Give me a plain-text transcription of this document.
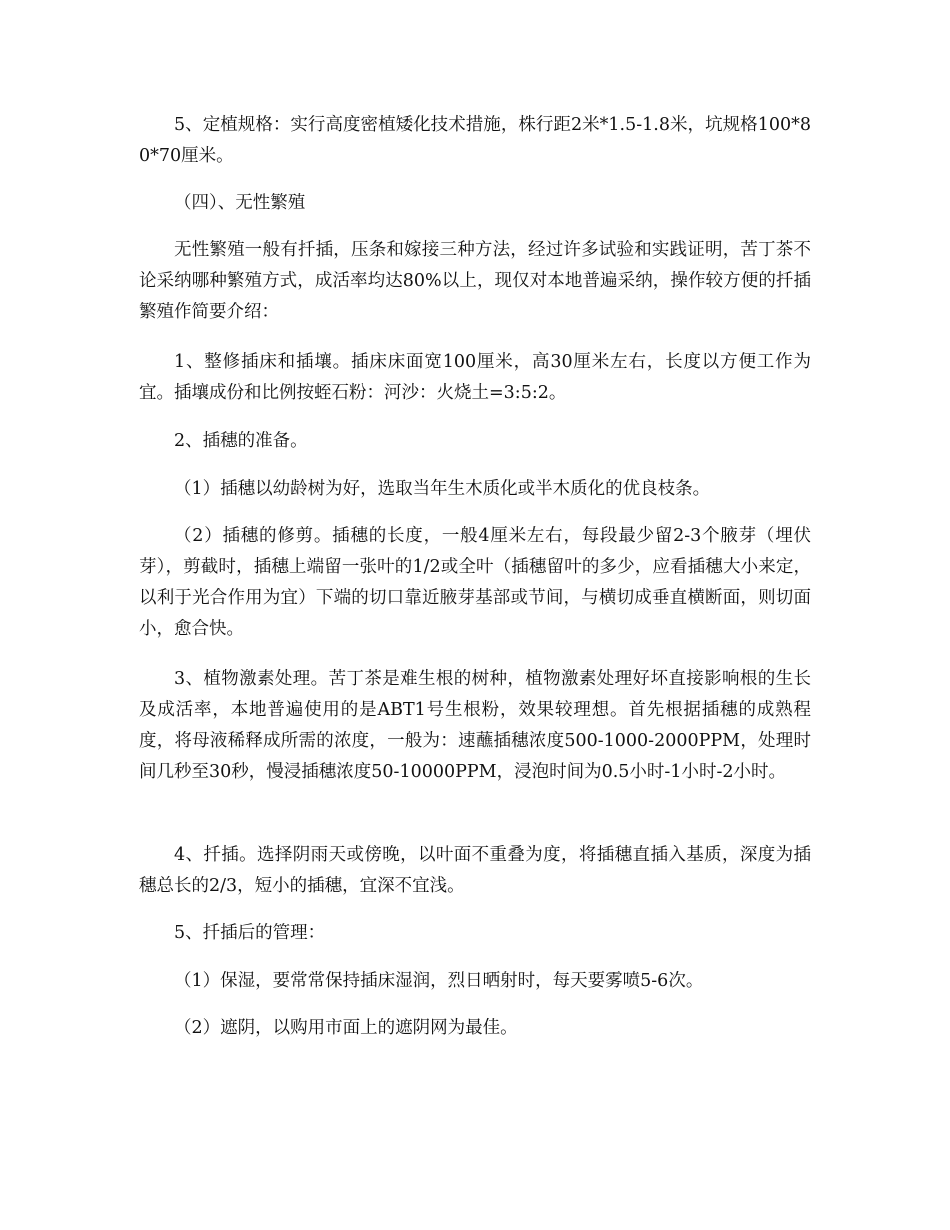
5、定植规格：实行高度密植矮化技术措施，株行距2米*1.5-1.8米，坑规格100*80*70厘米。

（四）、无性繁殖

无性繁殖一般有扦插，压条和嫁接三种方法，经过许多试验和实践证明，苦丁茶不论采纳哪种繁殖方式，成活率均达80%以上，现仅对本地普遍采纳，操作较方便的扦插繁殖作简要介绍：

1、整修插床和插壤。插床床面宽100厘米，高30厘米左右，长度以方便工作为宜。插壤成份和比例按蛭石粉：河沙：火烧土=3:5:2。

2、插穗的准备。

（1）插穗以幼龄树为好，选取当年生木质化或半木质化的优良枝条。

（2）插穗的修剪。插穗的长度，一般4厘米左右，每段最少留2-3个腋芽（埋伏芽），剪截时，插穗上端留一张叶的1/2或全叶（插穗留叶的多少，应看插穗大小来定，以利于光合作用为宜）下端的切口靠近腋芽基部或节间，与横切成垂直横断面，则切面小，愈合快。

3、植物激素处理。苦丁茶是难生根的树种，植物激素处理好坏直接影响根的生长及成活率，本地普遍使用的是ABT1号生根粉，效果较理想。首先根据插穗的成熟程度，将母液稀释成所需的浓度，一般为：速蘸插穗浓度500-1000-2000PPM，处理时间几秒至30秒，慢浸插穗浓度50-10000PPM，浸泡时间为0.5小时-1小时-2小时。

4、扦插。选择阴雨天或傍晚，以叶面不重叠为度，将插穗直插入基质，深度为插穗总长的2/3，短小的插穗，宜深不宜浅。

5、扦插后的管理：

（1）保湿，要常常保持插床湿润，烈日晒射时，每天要雾喷5-6次。

（2）遮阴，以购用市面上的遮阴网为最佳。
